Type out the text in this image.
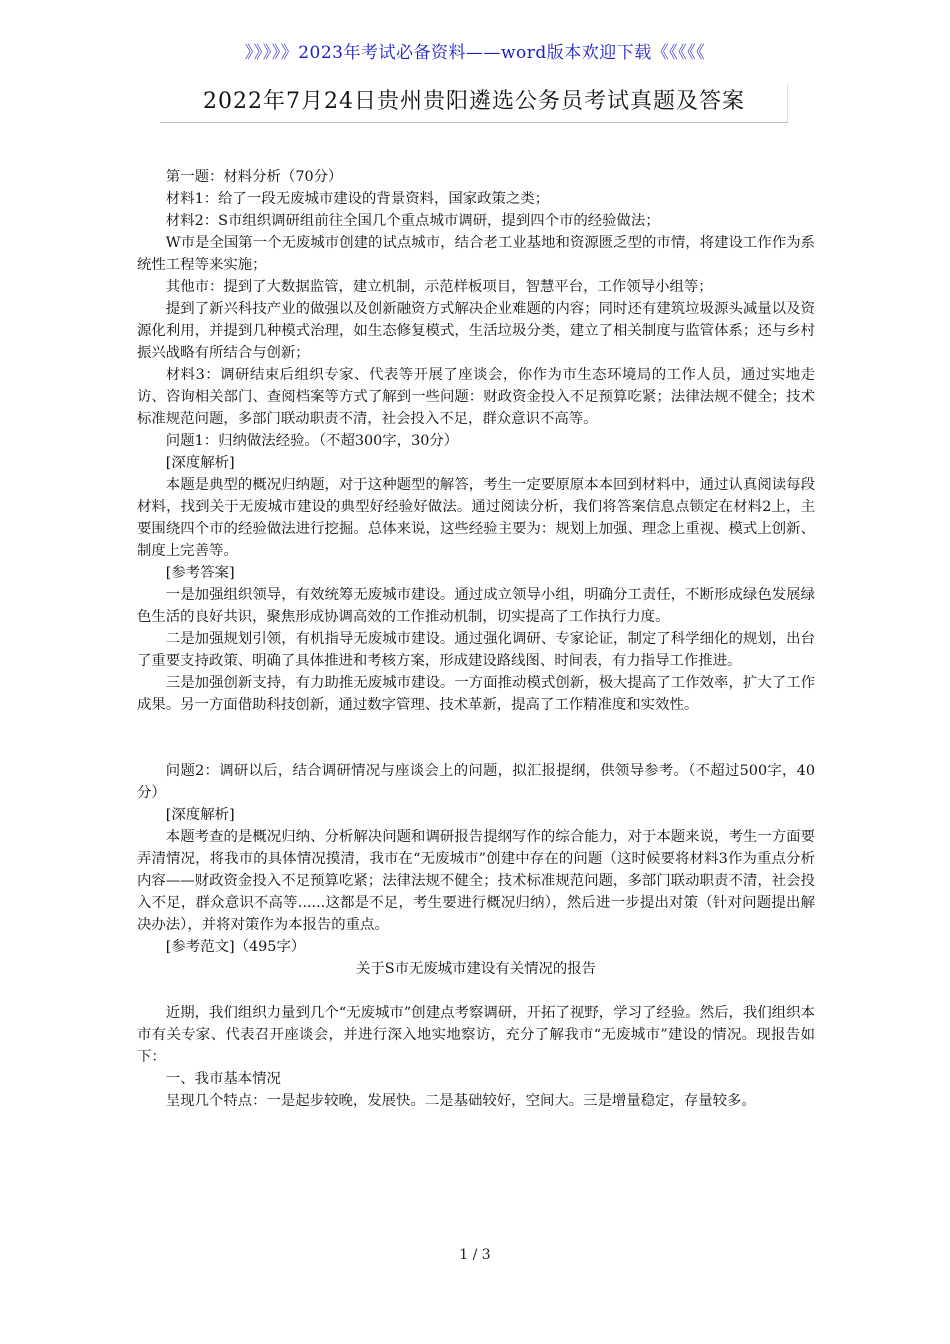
》》》》》2023年考试必备资料——word版本欢迎下载《《《《《
2022年7月24日贵州贵阳遴选公务员考试真题及答案

第一题：材料分析（70分）

材料1：给了一段无废城市建设的背景资料，国家政策之类；

材料2：S市组织调研组前往全国几个重点城市调研，提到四个市的经验做法；

W市是全国第一个无废城市创建的试点城市，结合老工业基地和资源匮乏型的市情，将建设工作作为系统性工程等来实施；

其他市：提到了大数据监管，建立机制，示范样板项目，智慧平台，工作领导小组等；

提到了新兴科技产业的做强以及创新融资方式解决企业难题的内容；同时还有建筑垃圾源头减量以及资源化利用，并提到几种模式治理，如生态修复模式，生活垃圾分类，建立了相关制度与监管体系；还与乡村振兴战略有所结合与创新；

材料3：调研结束后组织专家、代表等开展了座谈会，你作为市生态环境局的工作人员，通过实地走访、咨询相关部门、查阅档案等方式了解到一些问题：财政资金投入不足预算吃紧；法律法规不健全；技术标准规范问题，多部门联动职责不清，社会投入不足，群众意识不高等。

问题1：归纳做法经验。（不超300字，30分）

[深度解析]

本题是典型的概况归纳题，对于这种题型的解答，考生一定要原原本本回到材料中，通过认真阅读每段材料，找到关于无废城市建设的典型好经验好做法。通过阅读分析，我们将答案信息点锁定在材料2上，主要围绕四个市的经验做法进行挖掘。总体来说，这些经验主要为：规划上加强、理念上重视、模式上创新、制度上完善等。

[参考答案]

一是加强组织领导，有效统筹无废城市建设。通过成立领导小组，明确分工责任，不断形成绿色发展绿色生活的良好共识，聚焦形成协调高效的工作推动机制，切实提高了工作执行力度。

二是加强规划引领，有机指导无废城市建设。通过强化调研、专家论证，制定了科学细化的规划，出台了重要支持政策、明确了具体推进和考核方案，形成建设路线图、时间表，有力指导工作推进。

三是加强创新支持，有力助推无废城市建设。一方面推动模式创新，极大提高了工作效率，扩大了工作成果。另一方面借助科技创新，通过数字管理、技术革新，提高了工作精准度和实效性。

问题2：调研以后，结合调研情况与座谈会上的问题，拟汇报提纲，供领导参考。（不超过500字，40分）

[深度解析]

本题考查的是概况归纳、分析解决问题和调研报告提纲写作的综合能力，对于本题来说，考生一方面要弄清情况，将我市的具体情况摸清，我市在“无废城市”创建中存在的问题（这时候要将材料3作为重点分析内容——财政资金投入不足预算吃紧；法律法规不健全；技术标准规范问题，多部门联动职责不清，社会投入不足，群众意识不高等......这都是不足，考生要进行概况归纳），然后进一步提出对策（针对问题提出解决办法），并将对策作为本报告的重点。

[参考范文]（495字）

关于S市无废城市建设有关情况的报告

近期，我们组织力量到几个“无废城市”创建点考察调研，开拓了视野，学习了经验。然后，我们组织本市有关专家、代表召开座谈会，并进行深入地实地察访，充分了解我市“无废城市”建设的情况。现报告如下：

一、我市基本情况

呈现几个特点：一是起步较晚，发展快。二是基础较好，空间大。三是增量稳定，存量较多。

1 / 3
